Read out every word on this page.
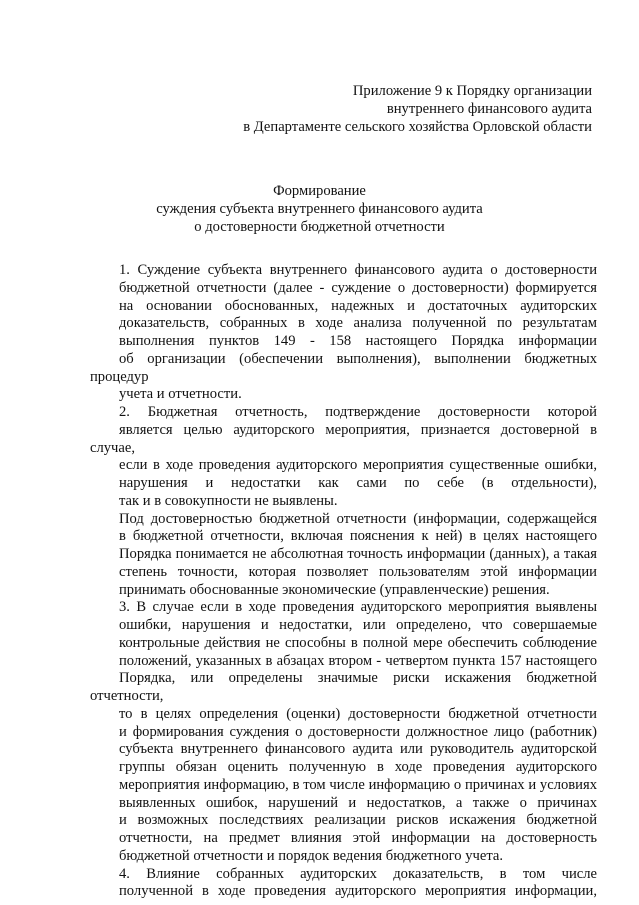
Приложение 9 к Порядку организации
внутреннего финансового аудита
в Департаменте сельского хозяйства Орловской области
Формирование
суждения субъекта внутреннего финансового аудита
о достоверности бюджетной отчетности

1. Суждение субъекта внутреннего финансового аудита о достоверности
бюджетной отчетности (далее - суждение о достоверности) формируется
на основании обоснованных, надежных и достаточных аудиторских
доказательств, собранных в ходе анализа полученной по результатам
выполнения пунктов 149 - 158 настоящего Порядка информации
об организации (обеспечении выполнения), выполнении бюджетных процедур
учета и отчетности.

2. Бюджетная отчетность, подтверждение достоверности которой
является целью аудиторского мероприятия, признается достоверной в случае,
если в ходе проведения аудиторского мероприятия существенные ошибки,
нарушения и недостатки как сами по себе (в отдельности),
так и в совокупности не выявлены.

Под достоверностью бюджетной отчетности (информации, содержащейся
в бюджетной отчетности, включая пояснения к ней) в целях настоящего
Порядка понимается не абсолютная точность информации (данных), а такая
степень точности, которая позволяет пользователям этой информации
принимать обоснованные экономические (управленческие) решения.

3. В случае если в ходе проведения аудиторского мероприятия выявлены
ошибки, нарушения и недостатки, или определено, что совершаемые
контрольные действия не способны в полной мере обеспечить соблюдение
положений, указанных в абзацах втором - четвертом пункта 157 настоящего
Порядка, или определены значимые риски искажения бюджетной отчетности,
то в целях определения (оценки) достоверности бюджетной отчетности
и формирования суждения о достоверности должностное лицо (работник)
субъекта внутреннего финансового аудита или руководитель аудиторской
группы обязан оценить полученную в ходе проведения аудиторского
мероприятия информацию, в том числе информацию о причинах и условиях
выявленных ошибок, нарушений и недостатков, а также о причинах
и возможных последствиях реализации рисков искажения бюджетной
отчетности, на предмет влияния этой информации на достоверность
бюджетной отчетности и порядок ведения бюджетного учета.

4. Влияние собранных аудиторских доказательств, в том числе
полученной в ходе проведения аудиторского мероприятия информации,
